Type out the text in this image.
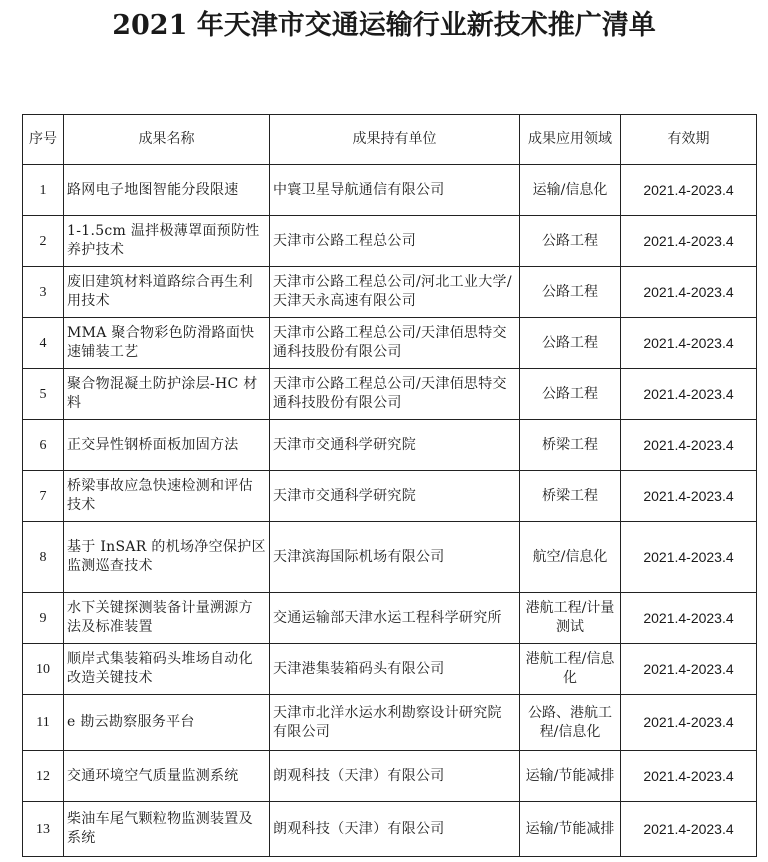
2021 年天津市交通运输行业新技术推广清单
序号	成果名称	成果持有单位	成果应用领域	有效期
1	路网电子地图智能分段限速	中寰卫星导航通信有限公司	运输/信息化	2021.4-2023.4
2	1-1.5cm 温拌极薄罩面预防性养护技术	天津市公路工程总公司	公路工程	2021.4-2023.4
3	废旧建筑材料道路综合再生利用技术	天津市公路工程总公司/河北工业大学/天津天永高速有限公司	公路工程	2021.4-2023.4
4	MMA 聚合物彩色防滑路面快速铺装工艺	天津市公路工程总公司/天津佰思特交通科技股份有限公司	公路工程	2021.4-2023.4
5	聚合物混凝土防护涂层-HC 材料	天津市公路工程总公司/天津佰思特交通科技股份有限公司	公路工程	2021.4-2023.4
6	正交异性钢桥面板加固方法	天津市交通科学研究院	桥梁工程	2021.4-2023.4
7	桥梁事故应急快速检测和评估技术	天津市交通科学研究院	桥梁工程	2021.4-2023.4
8	基于 InSAR 的机场净空保护区监测巡查技术	天津滨海国际机场有限公司	航空/信息化	2021.4-2023.4
9	水下关键探测装备计量溯源方法及标准装置	交通运输部天津水运工程科学研究所	港航工程/计量测试	2021.4-2023.4
10	顺岸式集装箱码头堆场自动化改造关键技术	天津港集装箱码头有限公司	港航工程/信息化	2021.4-2023.4
11	e 勘云勘察服务平台	天津市北洋水运水利勘察设计研究院有限公司	公路、港航工程/信息化	2021.4-2023.4
12	交通环境空气质量监测系统	朗观科技（天津）有限公司	运输/节能减排	2021.4-2023.4
13	柴油车尾气颗粒物监测装置及系统	朗观科技（天津）有限公司	运输/节能减排	2021.4-2023.4
